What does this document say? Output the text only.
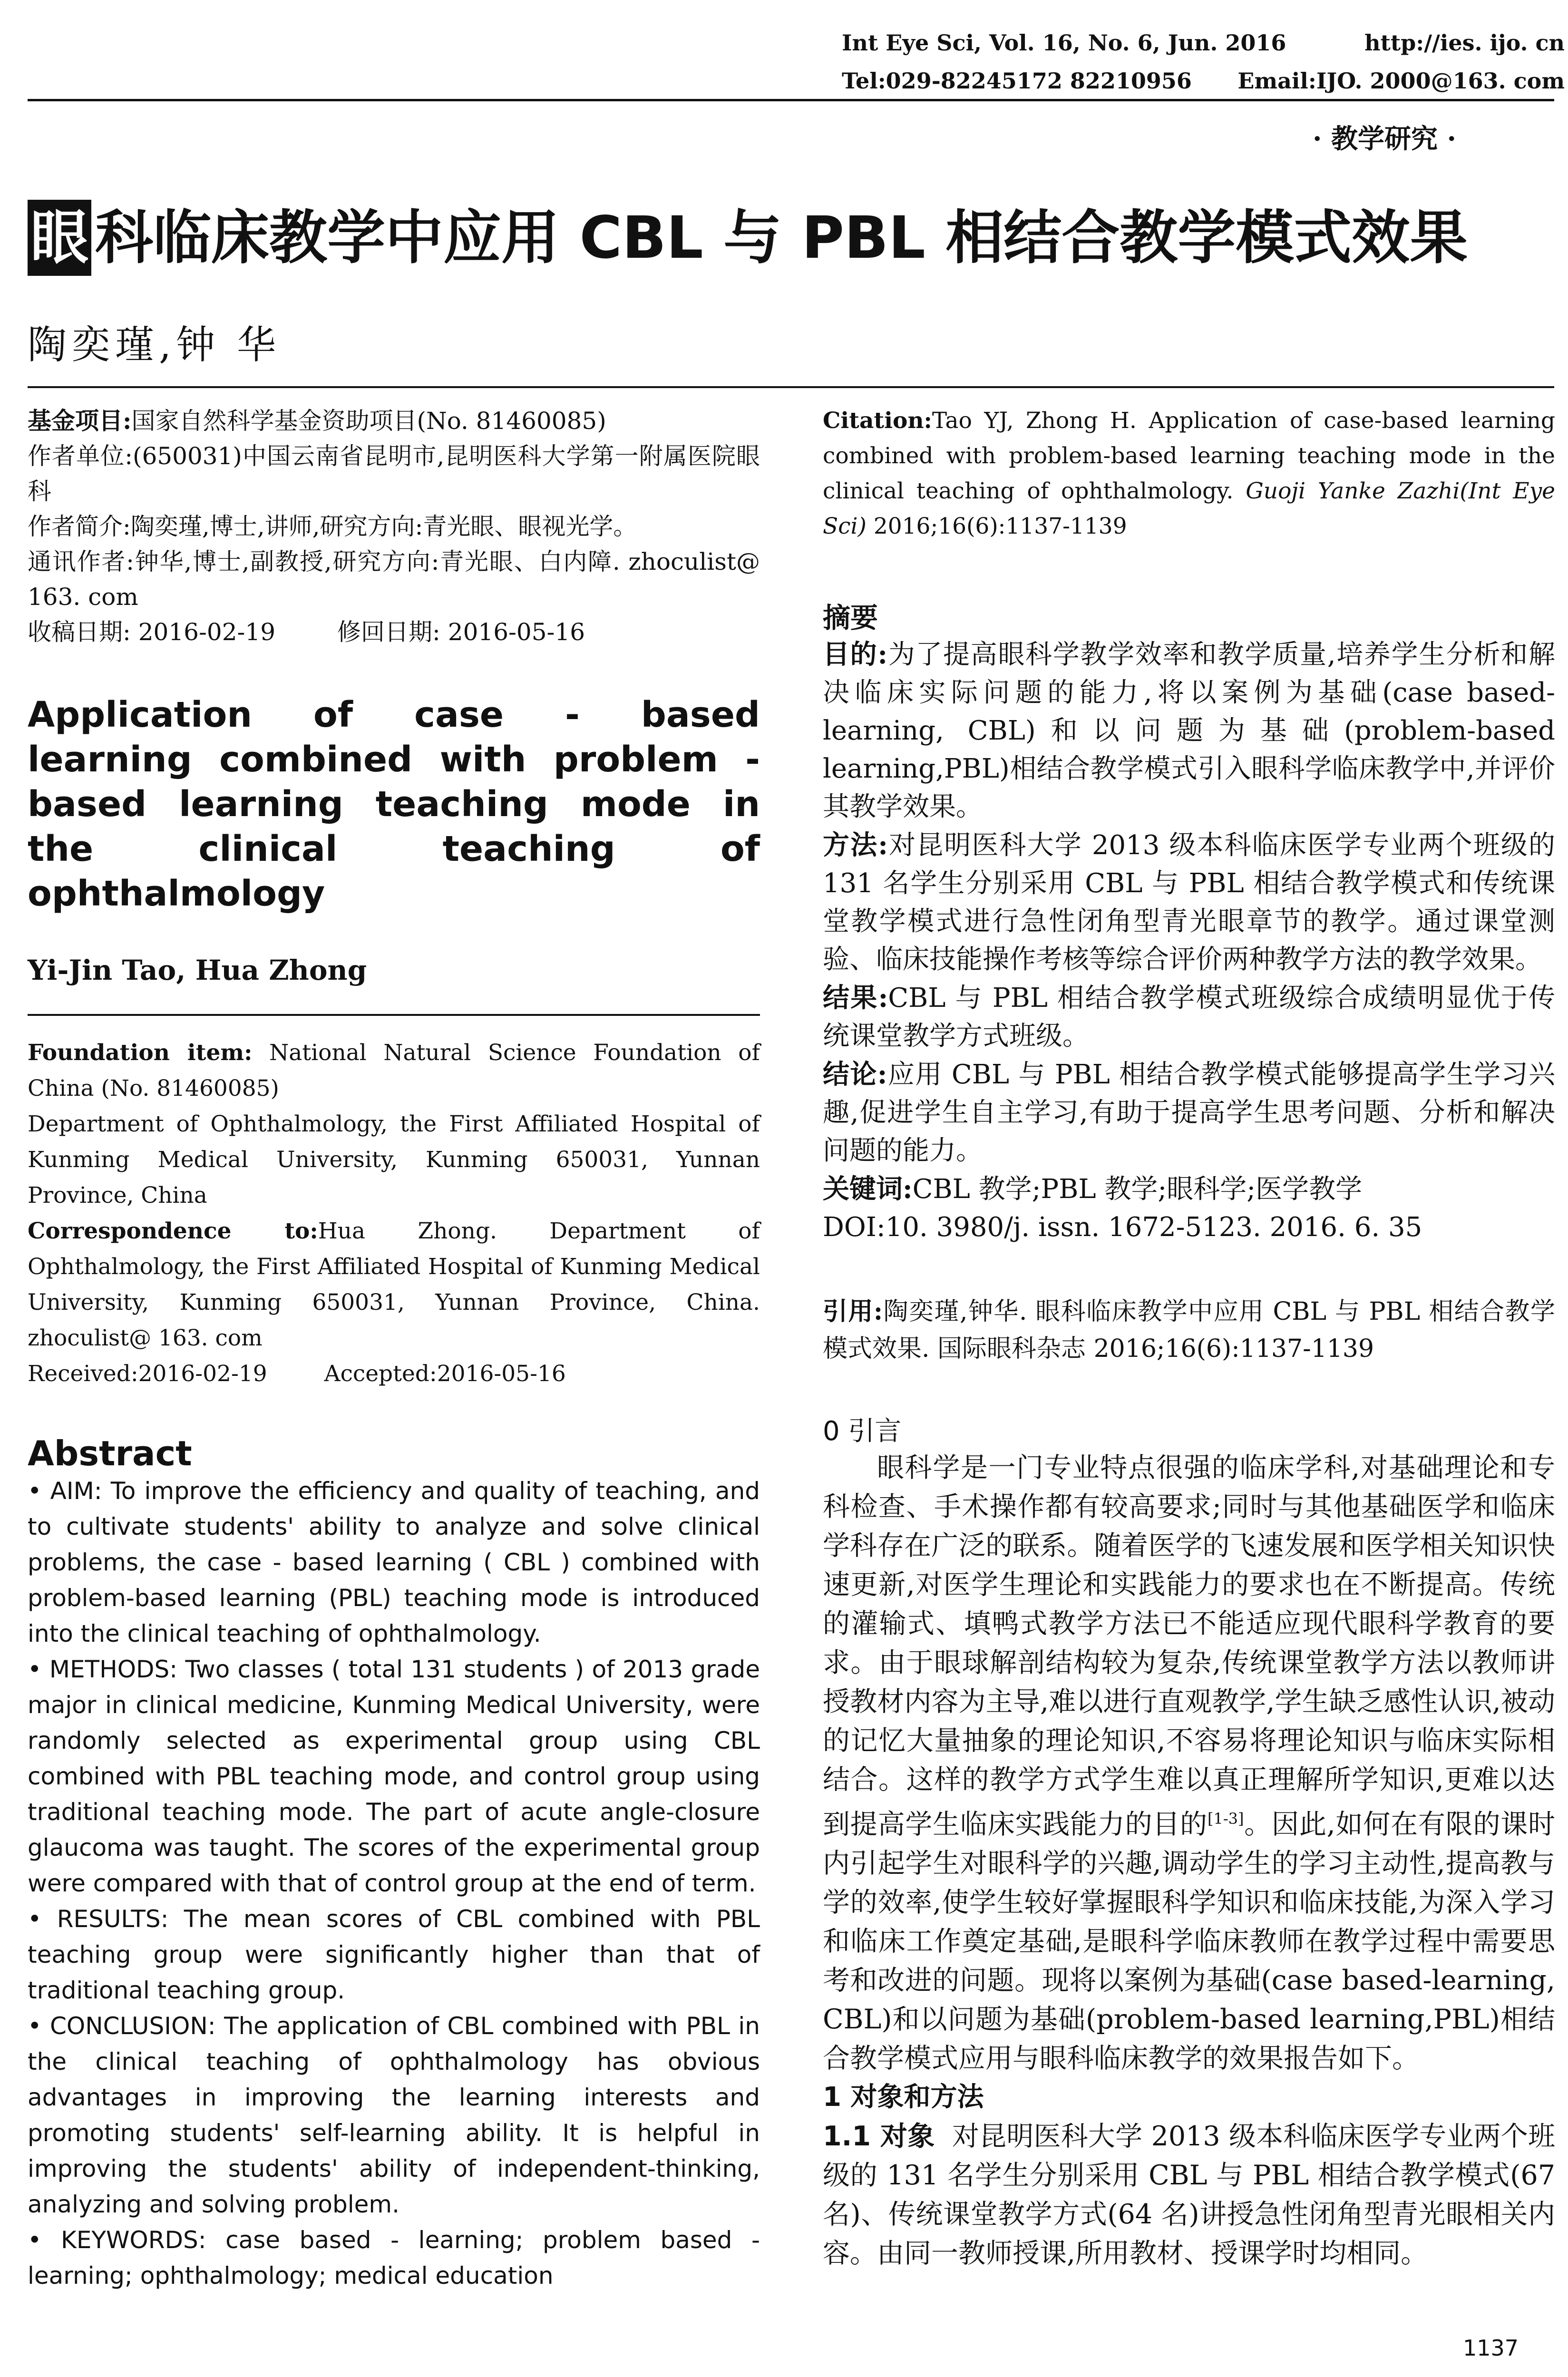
Int Eye Sci, Vol. 16, No. 6, Jun. 2016	http://ies. ijo. cn
Tel:029-82245172 82210956 Email:IJO. 2000@163. com
· 教学研究 ·
眼 科临床教学中应用 CBL 与 PBL 相结合教学模式效果
陶奕瑾,钟 华
基金项目:国家自然科学基金资助项目(No. 81460085)
作者单位:(650031)中国云南省昆明市,昆明医科大学第一附属医院眼科
作者简介:陶奕瑾,博士,讲师,研究方向:青光眼、眼视光学。
通讯作者:钟华,博士,副教授,研究方向:青光眼、白内障. zhoculist@ 163. com
收稿日期: 2016-02-19	修回日期: 2016-05-16
Application of case - based learning combined with problem - based learning teaching mode in the clinical teaching of ophthalmology
Yi-Jin Tao, Hua Zhong
Foundation item: National Natural Science Foundation of China (No. 81460085)
Department of Ophthalmology, the First Affiliated Hospital of Kunming Medical University, Kunming 650031, Yunnan Province, China
Correspondence to:Hua Zhong. Department of Ophthalmology, the First Affiliated Hospital of Kunming Medical University, Kunming 650031, Yunnan Province, China. zhoculist@ 163. com
Received:2016-02-19	Accepted:2016-05-16
Abstract
• AIM: To improve the efficiency and quality of teaching, and to cultivate students' ability to analyze and solve clinical problems, the case - based learning ( CBL ) combined with problem-based learning (PBL) teaching mode is introduced into the clinical teaching of ophthalmology.
• METHODS: Two classes ( total 131 students ) of 2013 grade major in clinical medicine, Kunming Medical University, were randomly selected as experimental group using CBL combined with PBL teaching mode, and control group using traditional teaching mode. The part of acute angle-closure glaucoma was taught. The scores of the experimental group were compared with that of control group at the end of term.
• RESULTS: The mean scores of CBL combined with PBL teaching group were significantly higher than that of traditional teaching group.
• CONCLUSION: The application of CBL combined with PBL in the clinical teaching of ophthalmology has obvious advantages in improving the learning interests and promoting students' self-learning ability. It is helpful in improving the students' ability of independent-thinking, analyzing and solving problem.
• KEYWORDS: case based - learning; problem based - learning; ophthalmology; medical education
Citation:Tao YJ, Zhong H. Application of case-based learning combined with problem-based learning teaching mode in the clinical teaching of ophthalmology. Guoji Yanke Zazhi(Int Eye Sci) 2016;16(6):1137-1139
摘要
目的:为了提高眼科学教学效率和教学质量,培养学生分析和解决临床实际问题的能力,将以案例为基础(case based-learning, CBL)和以问题为基础(problem-based learning,PBL)相结合教学模式引入眼科学临床教学中,并评价其教学效果。
方法:对昆明医科大学 2013 级本科临床医学专业两个班级的 131 名学生分别采用 CBL 与 PBL 相结合教学模式和传统课堂教学模式进行急性闭角型青光眼章节的教学。通过课堂测验、临床技能操作考核等综合评价两种教学方法的教学效果。
结果:CBL 与 PBL 相结合教学模式班级综合成绩明显优于传统课堂教学方式班级。
结论:应用 CBL 与 PBL 相结合教学模式能够提高学生学习兴趣,促进学生自主学习,有助于提高学生思考问题、分析和解决问题的能力。
关键词:CBL 教学;PBL 教学;眼科学;医学教学
DOI:10. 3980/j. issn. 1672-5123. 2016. 6. 35
引用:陶奕瑾,钟华. 眼科临床教学中应用 CBL 与 PBL 相结合教学模式效果. 国际眼科杂志 2016;16(6):1137-1139
0 引言
眼科学是一门专业特点很强的临床学科,对基础理论和专科检查、手术操作都有较高要求;同时与其他基础医学和临床学科存在广泛的联系。随着医学的飞速发展和医学相关知识快速更新,对医学生理论和实践能力的要求也在不断提高。传统的灌输式、填鸭式教学方法已不能适应现代眼科学教育的要求。由于眼球解剖结构较为复杂,传统课堂教学方法以教师讲授教材内容为主导,难以进行直观教学,学生缺乏感性认识,被动的记忆大量抽象的理论知识,不容易将理论知识与临床实际相结合。这样的教学方式学生难以真正理解所学知识,更难以达到提高学生临床实践能力的目的[1-3]。因此,如何在有限的课时内引起学生对眼科学的兴趣,调动学生的学习主动性,提高教与学的效率,使学生较好掌握眼科学知识和临床技能,为深入学习和临床工作奠定基础,是眼科学临床教师在教学过程中需要思考和改进的问题。现将以案例为基础(case based-learning, CBL)和以问题为基础(problem-based learning,PBL)相结合教学模式应用与眼科临床教学的效果报告如下。
1 对象和方法
1.1 对象 对昆明医科大学 2013 级本科临床医学专业两个班级的 131 名学生分别采用 CBL 与 PBL 相结合教学模式(67 名)、传统课堂教学方式(64 名)讲授急性闭角型青光眼相关内容。由同一教师授课,所用教材、授课学时均相同。
1137
